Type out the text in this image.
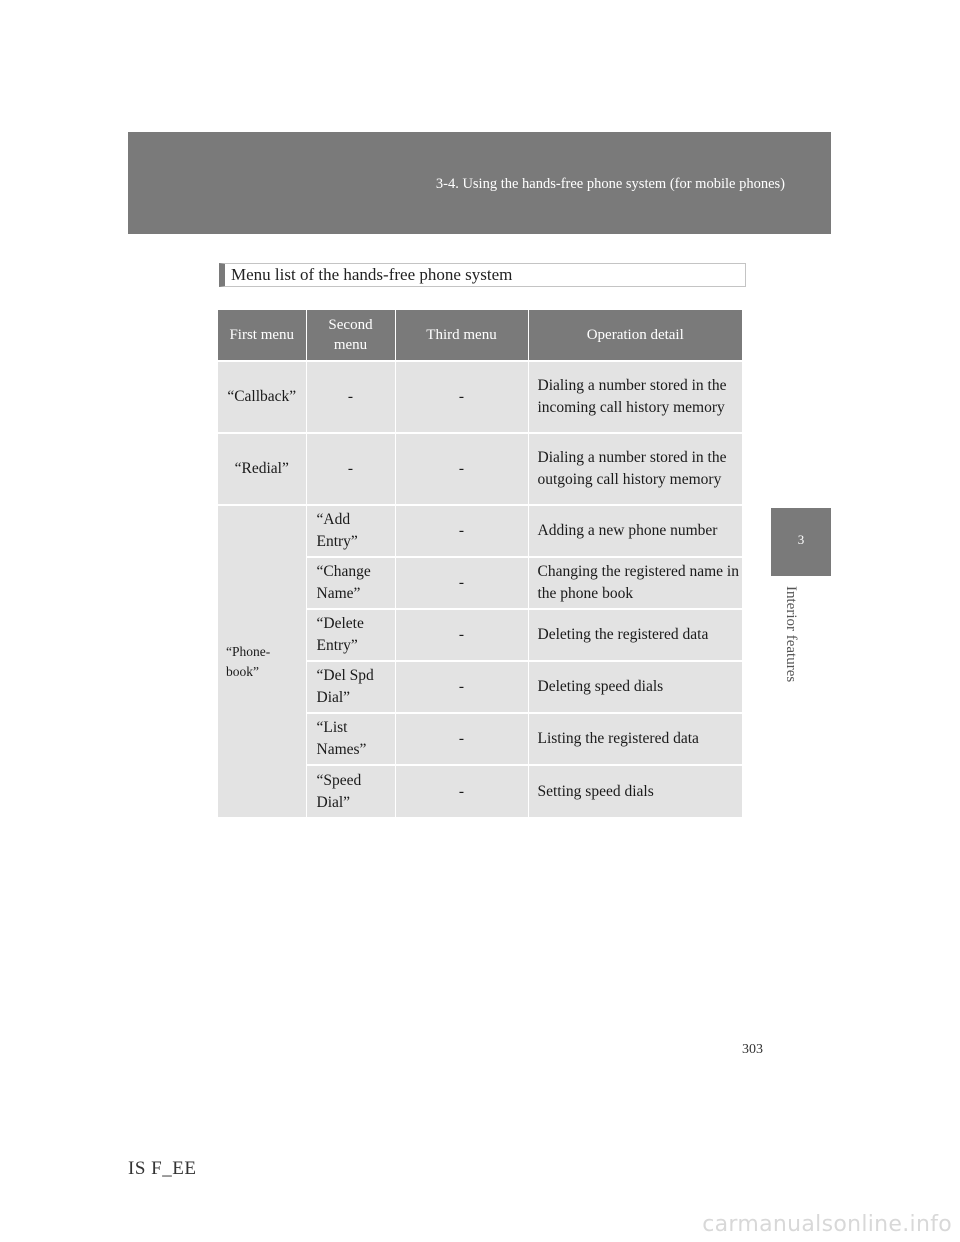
3-4. Using the hands-free phone system (for mobile phones)
3
Interior features
Menu list of the hands-free phone system
First menu	Second menu	Third menu	Operation detail
“Callback”	-	-	Dialing a number stored in the incoming call history memory
“Redial”	-	-	Dialing a number stored in the outgoing call history memory

“Phone-book”	“Add Entry”	-	Adding a new phone number
	“Change Name”	-	Changing the registered name in the phone book
	“Delete Entry”	-	Deleting the registered data
	“Del Spd Dial”	-	Deleting speed dials
	“List Names”	-	Listing the registered data
	“Speed Dial”	-	Setting speed dials
303
IS F_EE
carmanualsonline.info
